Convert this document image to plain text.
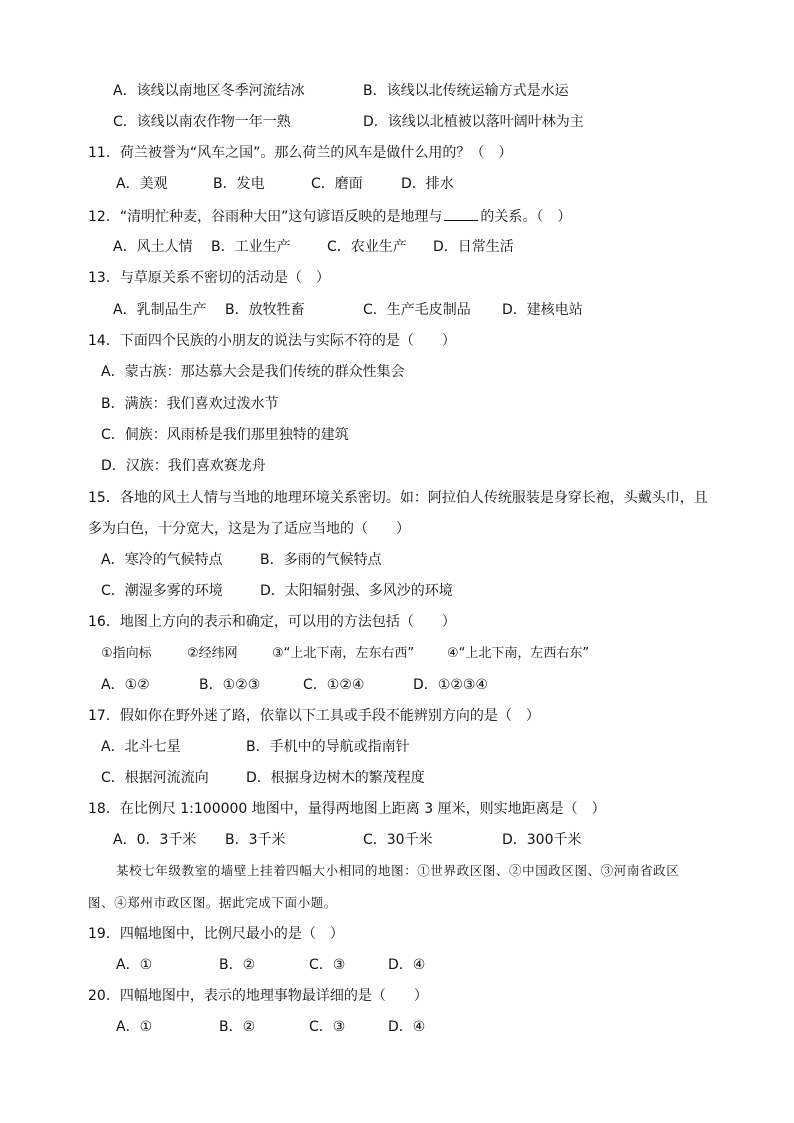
A．该线以南地区冬季河流结冰	B．该线以北传统运输方式是水运
C．该线以南农作物一年一熟	D．该线以北植被以落叶阔叶林为主
11．荷兰被誉为“风车之国”。那么荷兰的风车是做什么用的？（　）
A．美观	B．发电	C．磨面	D．排水
12．“清明忙种麦，谷雨种大田”这句谚语反映的是地理与	的关系。（　）
A．风土人情 B．工业生产	C．农业生产 D．日常生活
13．与草原关系不密切的活动是（　）
A．乳制品生产 B．放牧牲畜	C．生产毛皮制品 D．建核电站
14．下面四个民族的小朋友的说法与实际不符的是（　　）
A．蒙古族：那达慕大会是我们传统的群众性集会
B．满族：我们喜欢过泼水节
C．侗族：风雨桥是我们那里独特的建筑
D．汉族：我们喜欢赛龙舟
15．各地的风土人情与当地的地理环境关系密切。如：阿拉伯人传统服装是身穿长袍，头戴头巾，且
多为白色，十分宽大，这是为了适应当地的（　　）
A．寒冷的气候特点	B．多雨的气候特点
C．潮湿多雾的环境	D．太阳辐射强、多风沙的环境
16．地图上方向的表示和确定，可以用的方法包括（　　）
①指向标	②经纬网	③“上北下南，左东右西”	④“上北下南，左西右东”
A．①②	B．①②③	C．①②④	D．①②③④
17．假如你在野外迷了路，依靠以下工具或手段不能辨别方向的是（　）
A．北斗七星	B．手机中的导航或指南针
C．根据河流流向	D．根据身边树木的繁茂程度
18．在比例尺 1:100000 地图中，量得两地图上距离 3 厘米，则实地距离是（　）
A．0．3千米 B．3千米	C．30千米	D．300千米
某校七年级教室的墙壁上挂着四幅大小相同的地图：①世界政区图、②中国政区图、③河南省政区
图、④郑州市政区图。据此完成下面小题。
19．四幅地图中，比例尺最小的是（　）
A．①	B．②	C．③	D．④
20．四幅地图中，表示的地理事物最详细的是（　　）
A．①	B．②	C．③	D．④
